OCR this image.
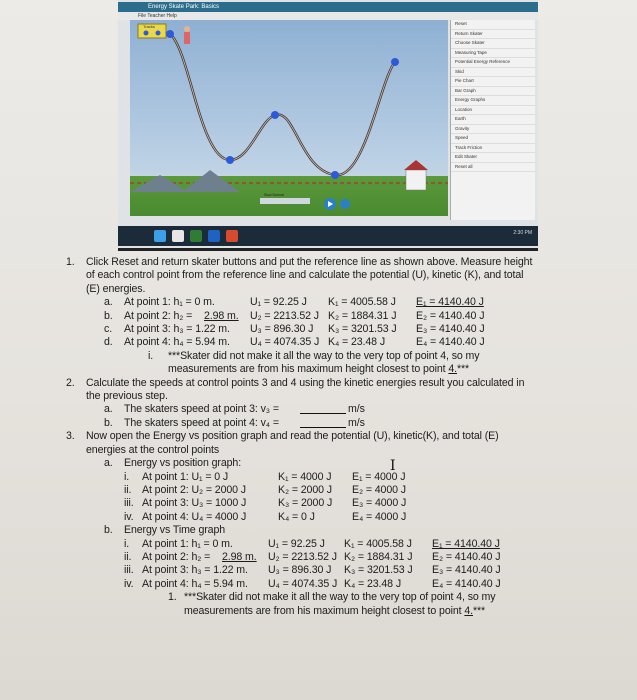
Energy Skate Park: Basics
File Teacher Help
Tracks
Slow Normal
Reset
Return Skater
Choose Skater
Measuring Tape
Potential Energy Reference
Skid
Pie Chart
Bar Graph
Energy Graphs
Location
Earth
Gravity
Speed
Track Friction
Edit Skater
Reset all
2:30 PM
1. Click Reset and return skater buttons and put the reference line as shown above. Measure height
of each control point from the reference line and calculate the potential (U), kinetic (K), and total
(E) energies.
a. At point 1: h₁ = 0 m.	U₁ = 92.25 J K₁ = 4005.58 J E₁ = 4140.40 J
b. At point 2: h₂ = 2.98 m. U₂ = 2213.52 J K₂ = 1884.31 J E₂ = 4140.40 J
c. At point 3: h₃ = 1.22 m. U₃ = 896.30 J K₃ = 3201.53 J E₃ = 4140.40 J
d. At point 4: h₄ = 5.94 m. U₄ = 4074.35 J K₄ = 23.48 J	E₄ = 4140.40 J
i. ***Skater did not make it all the way to the very top of point 4, so my
measurements are from his maximum height closest to point 4.***
2. Calculate the speeds at control points 3 and 4 using the kinetic energies result you calculated in
the previous step.
a. The skaters speed at point 3: v₃ =	m/s
b. The skaters speed at point 4: v₄ =	m/s
3. Now open the Energy vs position graph and read the potential (U), kinetic(K), and total (E)
energies at the control points
a. Energy vs position graph:
i. At point 1: U₁ = 0 J	K₁ = 4000 J E₁ = 4000 J
ii. At point 2: U₂ = 2000 J	K₂ = 2000 J E₂ = 4000 J
iii. At point 3: U₃ = 1000 J	K₃ = 2000 J E₃ = 4000 J
iv. At point 4: U₄ = 4000 J	K₄ = 0 J	E₄ = 4000 J
b. Energy vs Time graph
i. At point 1: h₁ = 0 m.	U₁ = 92.25 J K₁ = 4005.58 J E₁ = 4140.40 J
ii. At point 2: h₂ = 2.98 m. U₂ = 2213.52 J K₂ = 1884.31 J E₂ = 4140.40 J
iii. At point 3: h₃ = 1.22 m. U₃ = 896.30 J K₃ = 3201.53 J E₃ = 4140.40 J
iv. At point 4: h₄ = 5.94 m. U₄ = 4074.35 J K₄ = 23.48 J	E₄ = 4140.40 J
1. ***Skater did not make it all the way to the very top of point 4, so my
measurements are from his maximum height closest to point 4.***
I
